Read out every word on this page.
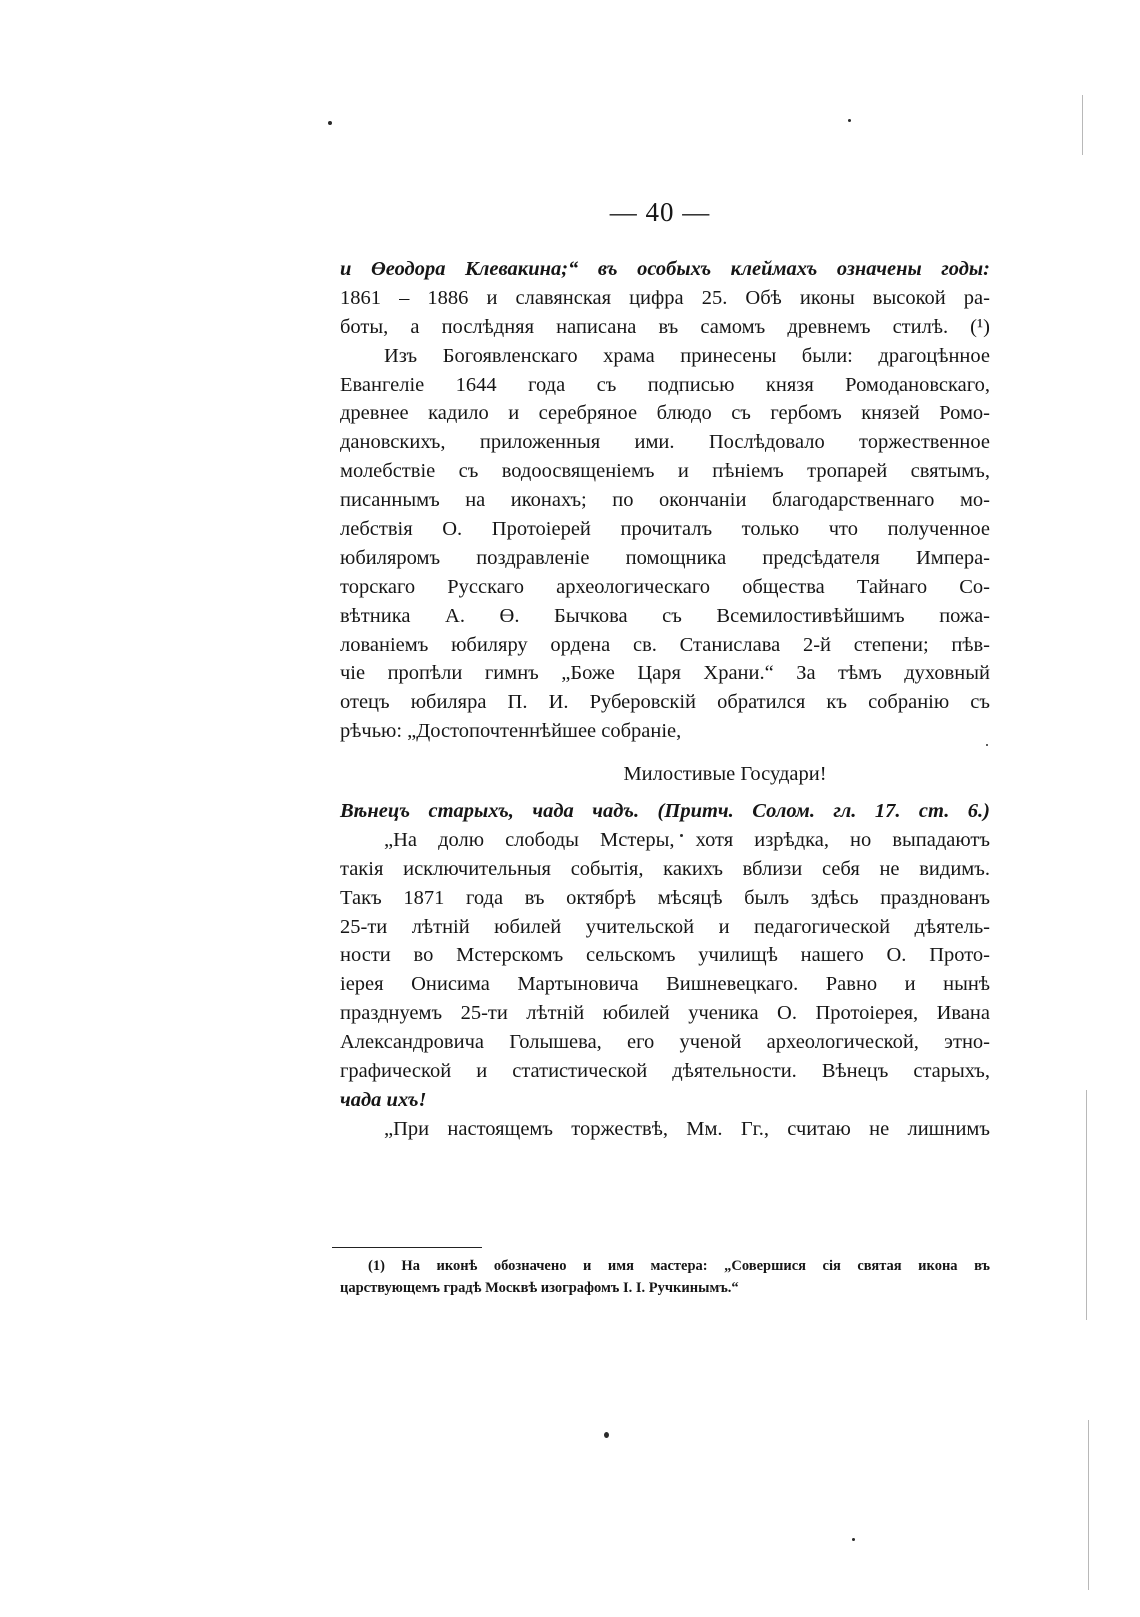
— 40 —
и Өеодора Клевакина;“ въ особыхъ клеймахъ означены годы:
1861 – 1886 и славянская цифра 25. Обѣ иконы высокой ра-
боты, а послѣдняя написана въ самомъ древнемъ стилѣ. (¹)
Изъ Богоявленскаго храма принесены были: драгоцѣнное
Евангеліе 1644 года съ подписью князя Ромодановскаго,
древнее кадило и серебряное блюдо съ гербомъ князей Ромо-
дановскихъ, приложенныя ими. Послѣдовало торжественное
молебствіе съ водоосвященіемъ и пѣніемъ тропарей святымъ,
писаннымъ на иконахъ; по окончаніи благодарственнаго мо-
лебствія О. Протоіерей прочиталъ только что полученное
юбиляромъ поздравленіе помощника предсѣдателя Импера-
торскаго Русскаго археологическаго общества Тайнаго Со-
вѣтника А. Ө. Бычкова съ Всемилостивѣйшимъ пожа-
лованіемъ юбиляру ордена св. Станислава 2-й степени; пѣв-
чіе пропѣли гимнъ „Боже Царя Храни.“ За тѣмъ духовный
отецъ юбиляра П. И. Руберовскій обратился къ собранію съ
рѣчью: „Достопочтеннѣйшее собраніе,
Милостивые Государи!
Вѣнецъ старыхъ, чада чадъ. (Притч. Солом. гл. 17. ст. 6.)
„На долю слободы Мстеры, хотя изрѣдка, но выпадаютъ
такія исключительныя событія, какихъ вблизи себя не видимъ.
Такъ 1871 года въ октябрѣ мѣсяцѣ былъ здѣсь празднованъ
25-ти лѣтній юбилей учительской и педагогической дѣятель-
ности во Мстерскомъ сельскомъ училищѣ нашего О. Прото-
іерея Онисима Мартыновича Вишневецкаго. Равно и нынѣ
празднуемъ 25-ти лѣтній юбилей ученика О. Протоіерея, Ивана
Александровича Голышева, его ученой археологической, этно-
графической и статистической дѣятельности. Вѣнецъ старыхъ,
чада ихъ!
„При настоящемъ торжествѣ, Мм. Гг., считаю не лишнимъ
(1) На иконѣ обозначено и имя мастера: „Совершися сія святая икона въ
царствующемъ градѣ Москвѣ изографомъ І. І. Ручкинымъ.“
